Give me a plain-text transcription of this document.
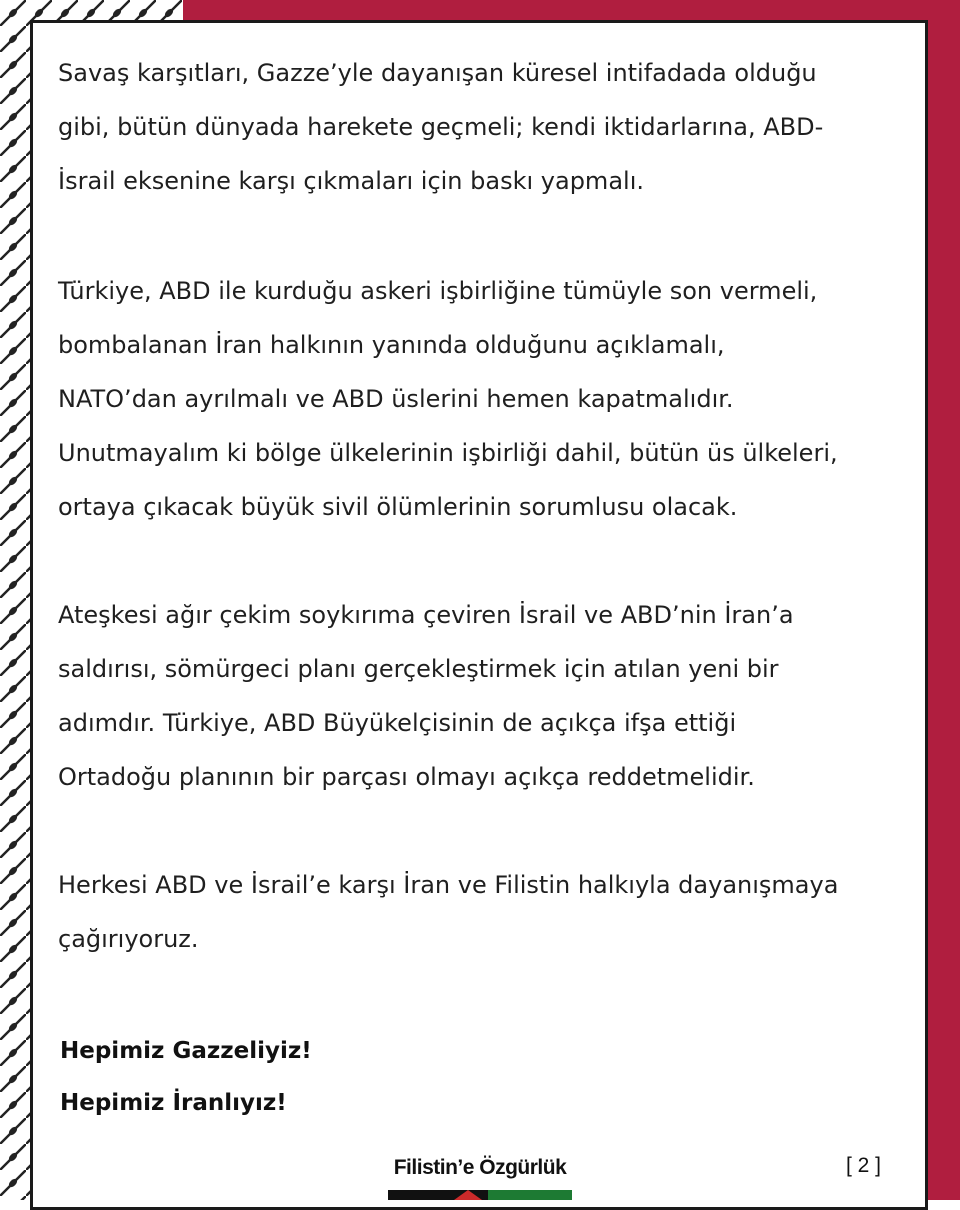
Savaş karşıtları, Gazze’yle dayanışan küresel intifadada olduğu
gibi, bütün dünyada harekete geçmeli; kendi iktidarlarına, ABD-
İsrail eksenine karşı çıkmaları için baskı yapmalı.

Türkiye, ABD ile kurduğu askeri işbirliğine tümüyle son vermeli,
bombalanan İran halkının yanında olduğunu açıklamalı,
NATO’dan ayrılmalı ve ABD üslerini hemen kapatmalıdır.
Unutmayalım ki bölge ülkelerinin işbirliği dahil, bütün üs ülkeleri,
ortaya çıkacak büyük sivil ölümlerinin sorumlusu olacak.

Ateşkesi ağır çekim soykırıma çeviren İsrail ve ABD’nin İran’a
saldırısı, sömürgeci planı gerçekleştirmek için atılan yeni bir
adımdır. Türkiye, ABD Büyükelçisinin de açıkça ifşa ettiği
Ortadoğu planının bir parçası olmayı açıkça reddetmelidir.

Herkesi ABD ve İsrail’e karşı İran ve Filistin halkıyla dayanışmaya
çağırıyoruz.

Hepimiz Gazzeliyiz!

Hepimiz İranlıyız!

Filistin’e Özgürlük	[ 2 ]
